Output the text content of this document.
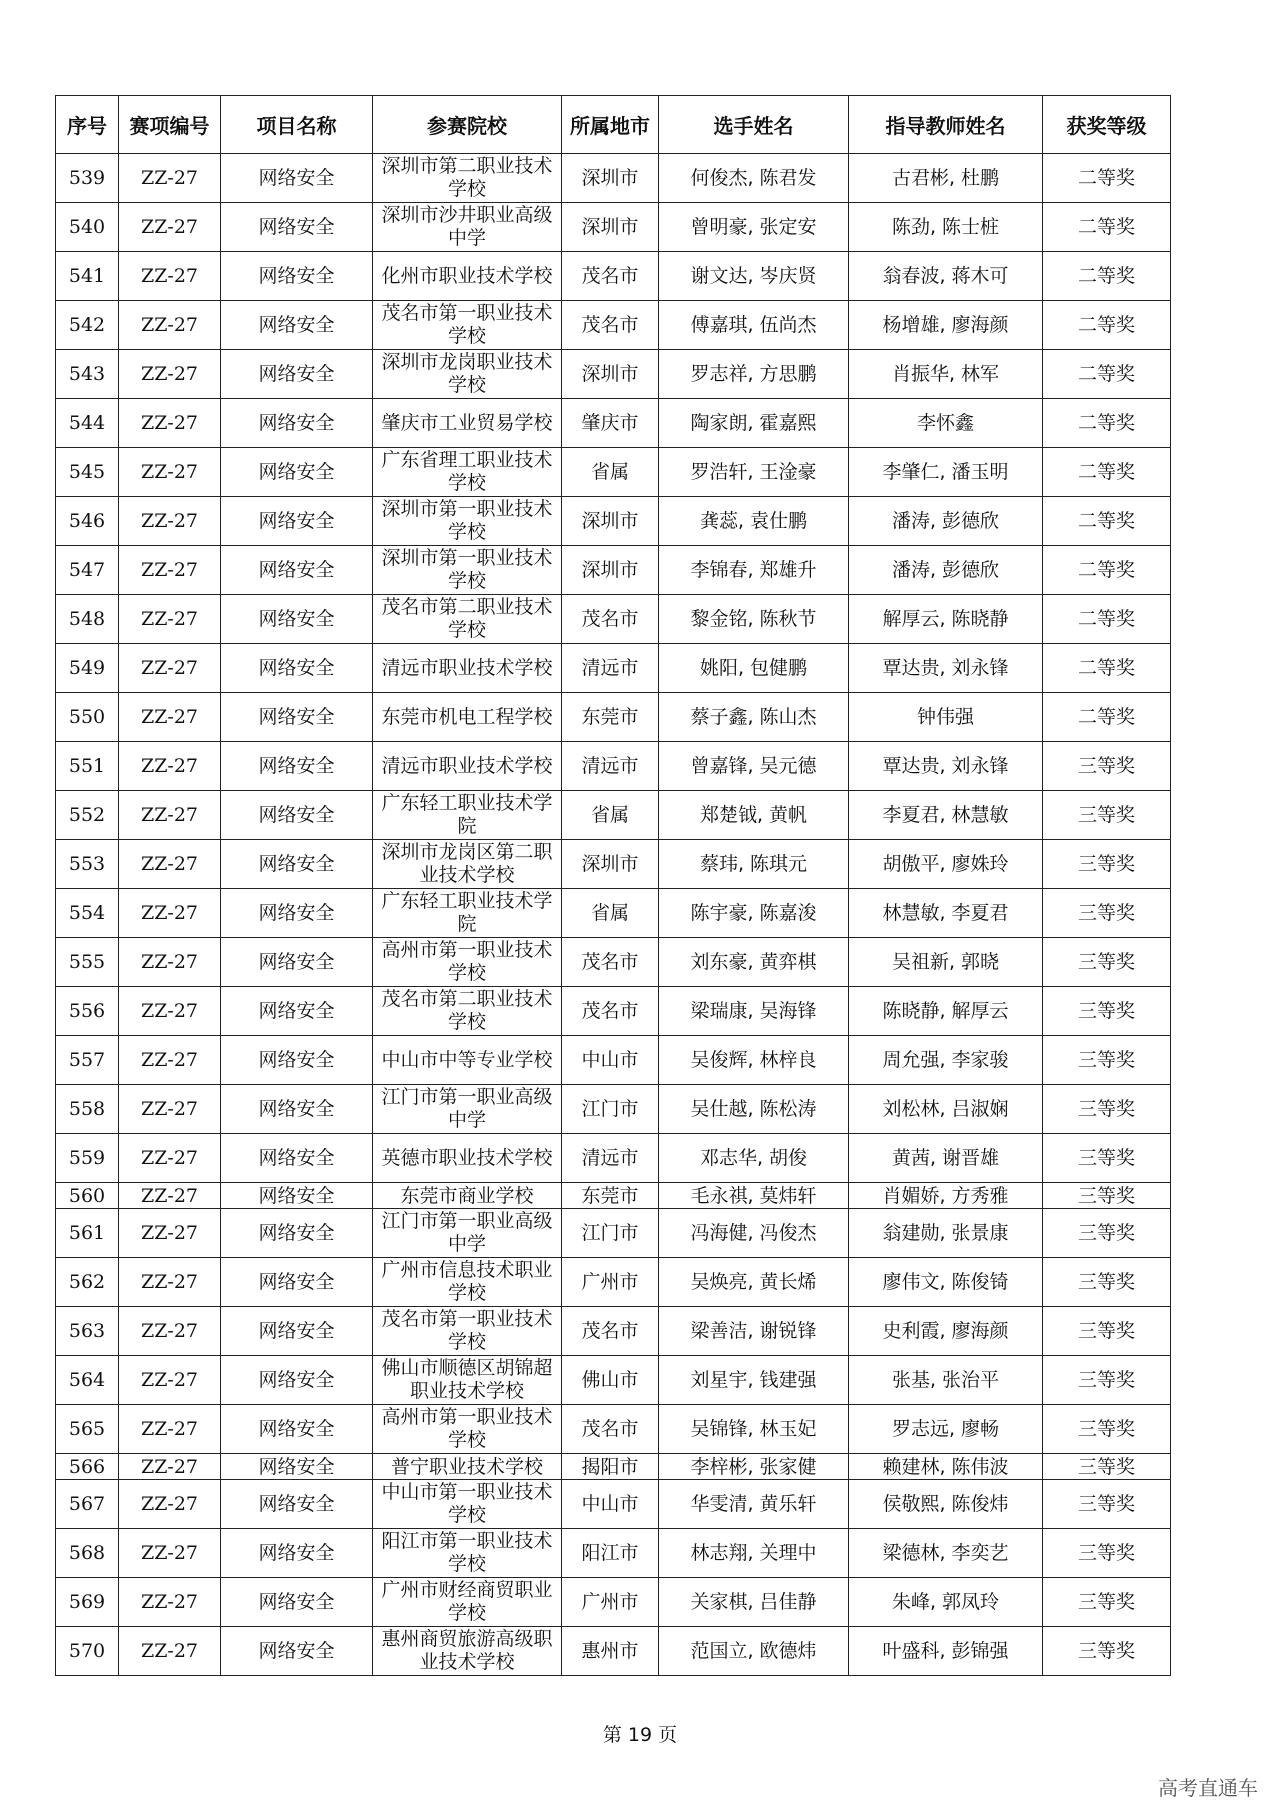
序号	赛项编号	项目名称	参赛院校	所属地市	选手姓名	指导教师姓名	获奖等级
539	ZZ-27	网络安全	深圳市第二职业技术学校	深圳市	何俊杰, 陈君发	古君彬, 杜鹏	二等奖
540	ZZ-27	网络安全	深圳市沙井职业高级中学	深圳市	曾明豪, 张定安	陈劲, 陈士桩	二等奖
541	ZZ-27	网络安全	化州市职业技术学校	茂名市	谢文达, 岑庆贤	翁春波, 蒋木可	二等奖
542	ZZ-27	网络安全	茂名市第一职业技术学校	茂名市	傅嘉琪, 伍尚杰	杨增雄, 廖海颜	二等奖
543	ZZ-27	网络安全	深圳市龙岗职业技术学校	深圳市	罗志祥, 方思鹏	肖振华, 林军	二等奖
544	ZZ-27	网络安全	肇庆市工业贸易学校	肇庆市	陶家朗, 霍嘉熙	李怀鑫	二等奖
545	ZZ-27	网络安全	广东省理工职业技术学校	省属	罗浩轩, 王淦豪	李肇仁, 潘玉明	二等奖
546	ZZ-27	网络安全	深圳市第一职业技术学校	深圳市	龚蕊, 袁仕鹏	潘涛, 彭德欣	二等奖
547	ZZ-27	网络安全	深圳市第一职业技术学校	深圳市	李锦春, 郑雄升	潘涛, 彭德欣	二等奖
548	ZZ-27	网络安全	茂名市第二职业技术学校	茂名市	黎金铭, 陈秋节	解厚云, 陈晓静	二等奖
549	ZZ-27	网络安全	清远市职业技术学校	清远市	姚阳, 包健鹏	覃达贵, 刘永锋	二等奖
550	ZZ-27	网络安全	东莞市机电工程学校	东莞市	蔡子鑫, 陈山杰	钟伟强	二等奖
551	ZZ-27	网络安全	清远市职业技术学校	清远市	曾嘉锋, 吴元德	覃达贵, 刘永锋	三等奖
552	ZZ-27	网络安全	广东轻工职业技术学院	省属	郑楚钺, 黄帆	李夏君, 林慧敏	三等奖
553	ZZ-27	网络安全	深圳市龙岗区第二职业技术学校	深圳市	蔡玮, 陈琪元	胡傲平, 廖姝玲	三等奖
554	ZZ-27	网络安全	广东轻工职业技术学院	省属	陈宇豪, 陈嘉浚	林慧敏, 李夏君	三等奖
555	ZZ-27	网络安全	高州市第一职业技术学校	茂名市	刘东豪, 黄弈棋	吴祖新, 郭晓	三等奖
556	ZZ-27	网络安全	茂名市第二职业技术学校	茂名市	梁瑞康, 吴海锋	陈晓静, 解厚云	三等奖
557	ZZ-27	网络安全	中山市中等专业学校	中山市	吴俊辉, 林梓良	周允强, 李家骏	三等奖
558	ZZ-27	网络安全	江门市第一职业高级中学	江门市	吴仕越, 陈松涛	刘松林, 吕淑娴	三等奖
559	ZZ-27	网络安全	英德市职业技术学校	清远市	邓志华, 胡俊	黄茜, 谢晋雄	三等奖
560	ZZ-27	网络安全	东莞市商业学校	东莞市	毛永祺, 莫炜轩	肖媚娇, 方秀雅	三等奖
561	ZZ-27	网络安全	江门市第一职业高级中学	江门市	冯海健, 冯俊杰	翁建勋, 张景康	三等奖
562	ZZ-27	网络安全	广州市信息技术职业学校	广州市	吴焕亮, 黄长烯	廖伟文, 陈俊锜	三等奖
563	ZZ-27	网络安全	茂名市第一职业技术学校	茂名市	梁善洁, 谢锐锋	史利霞, 廖海颜	三等奖
564	ZZ-27	网络安全	佛山市顺德区胡锦超职业技术学校	佛山市	刘星宇, 钱建强	张基, 张治平	三等奖
565	ZZ-27	网络安全	高州市第一职业技术学校	茂名市	吴锦锋, 林玉妃	罗志远, 廖畅	三等奖
566	ZZ-27	网络安全	普宁职业技术学校	揭阳市	李梓彬, 张家健	赖建林, 陈伟波	三等奖
567	ZZ-27	网络安全	中山市第一职业技术学校	中山市	华雯清, 黄乐轩	侯敬熙, 陈俊炜	三等奖
568	ZZ-27	网络安全	阳江市第一职业技术学校	阳江市	林志翔, 关理中	梁德林, 李奕艺	三等奖
569	ZZ-27	网络安全	广州市财经商贸职业学校	广州市	关家棋, 吕佳静	朱峰, 郭凤玲	三等奖
570	ZZ-27	网络安全	惠州商贸旅游高级职业技术学校	惠州市	范国立, 欧德炜	叶盛科, 彭锦强	三等奖
第 19 页
高考直通车
